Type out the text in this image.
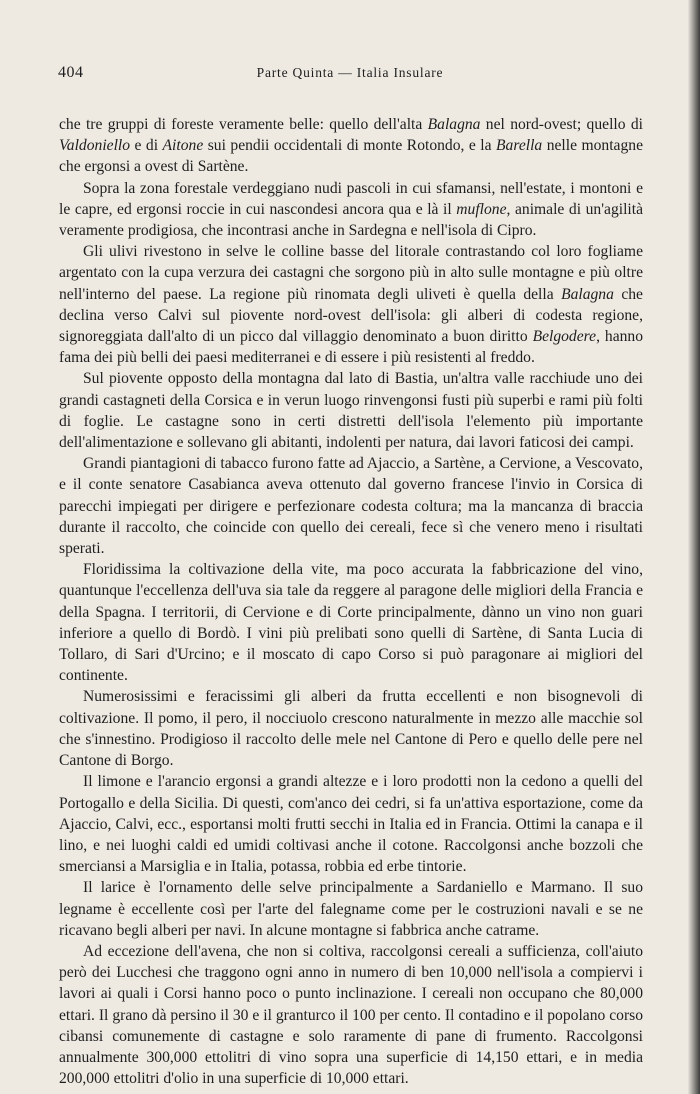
404	Parte Quinta — Italia Insulare

che tre gruppi di foreste veramente belle: quello dell'alta Balagna nel nord-ovest; quello di Valdoniello e di Aitone sui pendii occidentali di monte Rotondo, e la Barella nelle montagne che ergonsi a ovest di Sartène.

Sopra la zona forestale verdeggiano nudi pascoli in cui sfamansi, nell'estate, i montoni e le capre, ed ergonsi roccie in cui nascondesi ancora qua e là il muflone, animale di un'agilità veramente prodigiosa, che incontrasi anche in Sardegna e nell'isola di Cipro.

Gli ulivi rivestono in selve le colline basse del litorale contrastando col loro fogliame argentato con la cupa verzura dei castagni che sorgono più in alto sulle montagne e più oltre nell'interno del paese. La regione più rinomata degli uliveti è quella della Balagna che declina verso Calvi sul piovente nord-ovest dell'isola: gli alberi di codesta regione, signoreggiata dall'alto di un picco dal villaggio denominato a buon diritto Belgodere, hanno fama dei più belli dei paesi mediterranei e di essere i più resistenti al freddo.

Sul piovente opposto della montagna dal lato di Bastia, un'altra valle racchiude uno dei grandi castagneti della Corsica e in verun luogo rinvengonsi fusti più superbi e rami più folti di foglie. Le castagne sono in certi distretti dell'isola l'elemento più importante dell'alimentazione e sollevano gli abitanti, indolenti per natura, dai lavori faticosi dei campi.

Grandi piantagioni di tabacco furono fatte ad Ajaccio, a Sartène, a Cervione, a Vescovato, e il conte senatore Casabianca aveva ottenuto dal governo francese l'invio in Corsica di parecchi impiegati per dirigere e perfezionare codesta coltura; ma la mancanza di braccia durante il raccolto, che coincide con quello dei cereali, fece sì che venero meno i risultati sperati.

Floridissima la coltivazione della vite, ma poco accurata la fabbricazione del vino, quantunque l'eccellenza dell'uva sia tale da reggere al paragone delle migliori della Francia e della Spagna. I territorii, di Cervione e di Corte principalmente, dànno un vino non guari inferiore a quello di Bordò. I vini più prelibati sono quelli di Sartène, di Santa Lucia di Tollaro, di Sari d'Urcino; e il moscato di capo Corso si può paragonare ai migliori del continente.

Numerosissimi e feracissimi gli alberi da frutta eccellenti e non bisognevoli di coltivazione. Il pomo, il pero, il nocciuolo crescono naturalmente in mezzo alle macchie sol che s'innestino. Prodigioso il raccolto delle mele nel Cantone di Pero e quello delle pere nel Cantone di Borgo.

Il limone e l'arancio ergonsi a grandi altezze e i loro prodotti non la cedono a quelli del Portogallo e della Sicilia. Di questi, com'anco dei cedri, si fa un'attiva esportazione, come da Ajaccio, Calvi, ecc., esportansi molti frutti secchi in Italia ed in Francia. Ottimi la canapa e il lino, e nei luoghi caldi ed umidi coltivasi anche il cotone. Raccolgonsi anche bozzoli che smerciansi a Marsiglia e in Italia, potassa, robbia ed erbe tintorie.

Il larice è l'ornamento delle selve principalmente a Sardaniello e Marmano. Il suo legname è eccellente così per l'arte del falegname come per le costruzioni navali e se ne ricavano begli alberi per navi. In alcune montagne si fabbrica anche catrame.

Ad eccezione dell'avena, che non si coltiva, raccolgonsi cereali a sufficienza, coll'aiuto però dei Lucchesi che traggono ogni anno in numero di ben 10,000 nell'isola a compiervi i lavori ai quali i Corsi hanno poco o punto inclinazione. I cereali non occupano che 80,000 ettari. Il grano dà persino il 30 e il granturco il 100 per cento. Il contadino e il popolano corso cibansi comunemente di castagne e solo raramente di pane di frumento. Raccolgonsi annualmente 300,000 ettolitri di vino sopra una superficie di 14,150 ettari, e in media 200,000 ettolitri d'olio in una superficie di 10,000 ettari.
